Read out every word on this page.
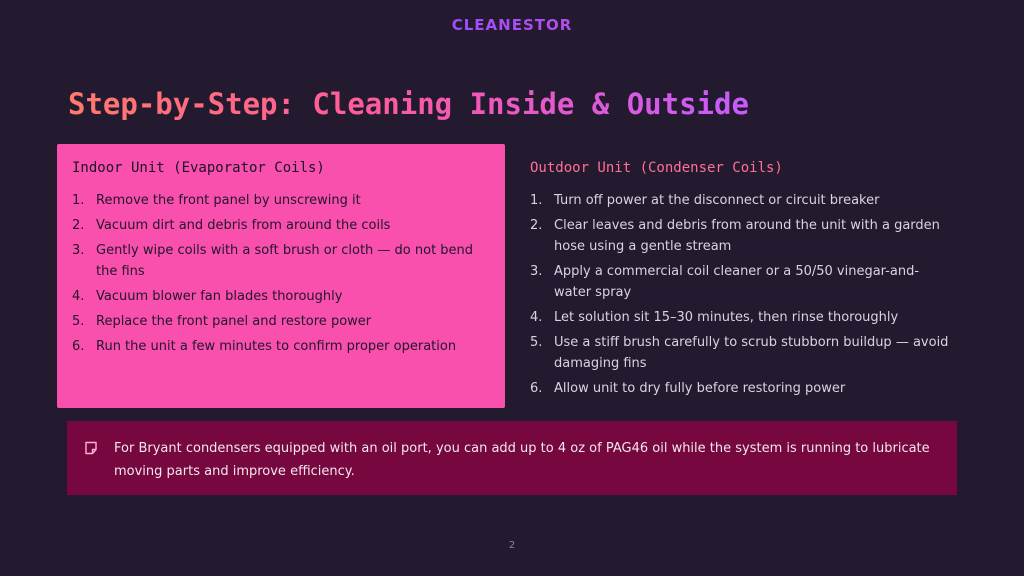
CLEANESTOR
Step-by-Step: Cleaning Inside & Outside
Indoor Unit (Evaporator Coils)
1. Remove the front panel by unscrewing it
2. Vacuum dirt and debris from around the coils
3. Gently wipe coils with a soft brush or cloth — do not bend the fins
4. Vacuum blower fan blades thoroughly
5. Replace the front panel and restore power
6. Run the unit a few minutes to confirm proper operation
Outdoor Unit (Condenser Coils)
1. Turn off power at the disconnect or circuit breaker
2. Clear leaves and debris from around the unit with a garden hose using a gentle stream
3. Apply a commercial coil cleaner or a 50/50 vinegar-and-water spray
4. Let solution sit 15–30 minutes, then rinse thoroughly
5. Use a stiff brush carefully to scrub stubborn buildup — avoid damaging fins
6. Allow unit to dry fully before restoring power
For Bryant condensers equipped with an oil port, you can add up to 4 oz of PAG46 oil while the system is running to lubricate moving parts and improve efficiency.
2
